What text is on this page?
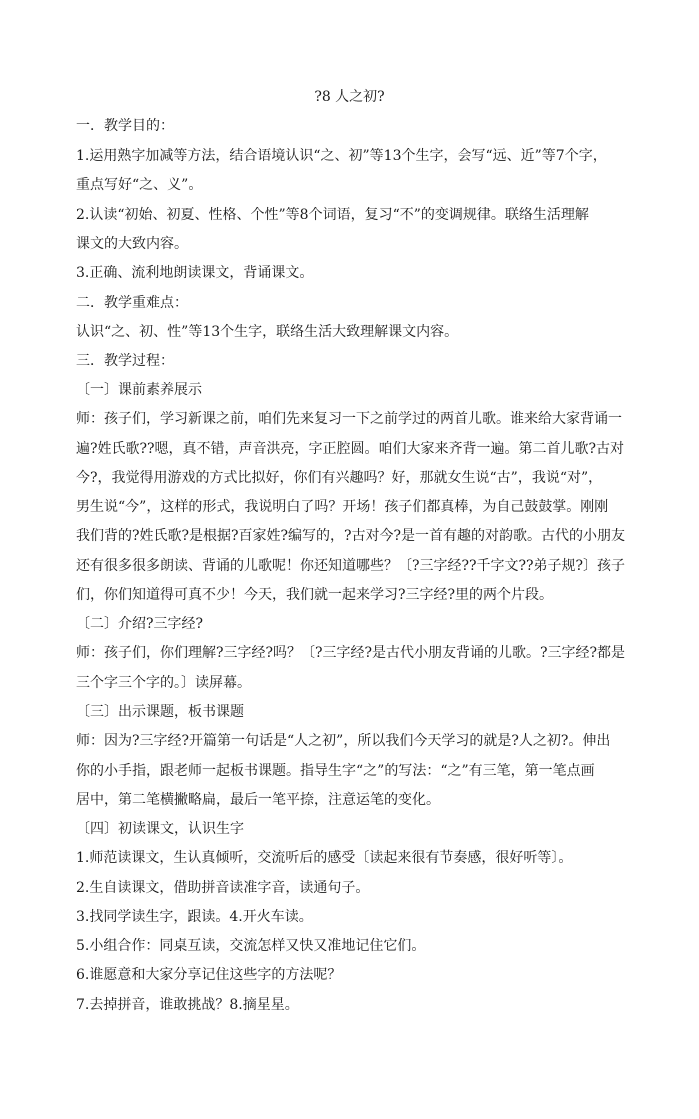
?8 人之初?
一．教学目的：
1.运用熟字加减等方法，结合语境认识“之、初”等13个生字，会写“远、近”等7个字，
重点写好“之、义”。
2.认读“初始、初夏、性格、个性”等8个词语，复习“不”的变调规律。联络生活理解
课文的大致内容。
3.正确、流利地朗读课文，背诵课文。
二．教学重难点：
认识“之、初、性”等13个生字，联络生活大致理解课文内容。
三．教学过程：
〔一〕课前素养展示
师：孩子们，学习新课之前，咱们先来复习一下之前学过的两首儿歌。谁来给大家背诵一
遍?姓氏歌??嗯，真不错，声音洪亮，字正腔圆。咱们大家来齐背一遍。第二首儿歌?古对
今?，我觉得用游戏的方式比拟好，你们有兴趣吗？好，那就女生说“古”，我说“对”，
男生说“今”，这样的形式，我说明白了吗？开场！孩子们都真棒，为自己鼓鼓掌。刚刚
我们背的?姓氏歌?是根据?百家姓?编写的，?古对今?是一首有趣的对韵歌。古代的小朋友
还有很多很多朗读、背诵的儿歌呢！你还知道哪些？〔?三字经??千字文??弟子规?〕孩子
们，你们知道得可真不少！今天，我们就一起来学习?三字经?里的两个片段。
〔二〕介绍?三字经?
师：孩子们，你们理解?三字经?吗？〔?三字经?是古代小朋友背诵的儿歌。?三字经?都是
三个字三个字的。〕读屏幕。
〔三〕出示课题，板书课题
师：因为?三字经?开篇第一句话是“人之初”，所以我们今天学习的就是?人之初?。伸出
你的小手指，跟老师一起板书课题。指导生字“之”的写法：“之”有三笔，第一笔点画
居中，第二笔横撇略扁，最后一笔平捺，注意运笔的变化。
〔四〕初读课文，认识生字
1.师范读课文，生认真倾听，交流听后的感受〔读起来很有节奏感，很好听等〕。
2.生自读课文，借助拼音读准字音，读通句子。
3.找同学读生字，跟读。4.开火车读。
5.小组合作：同桌互读，交流怎样又快又准地记住它们。
6.谁愿意和大家分享记住这些字的方法呢？
7.去掉拼音，谁敢挑战？8.摘星星。
